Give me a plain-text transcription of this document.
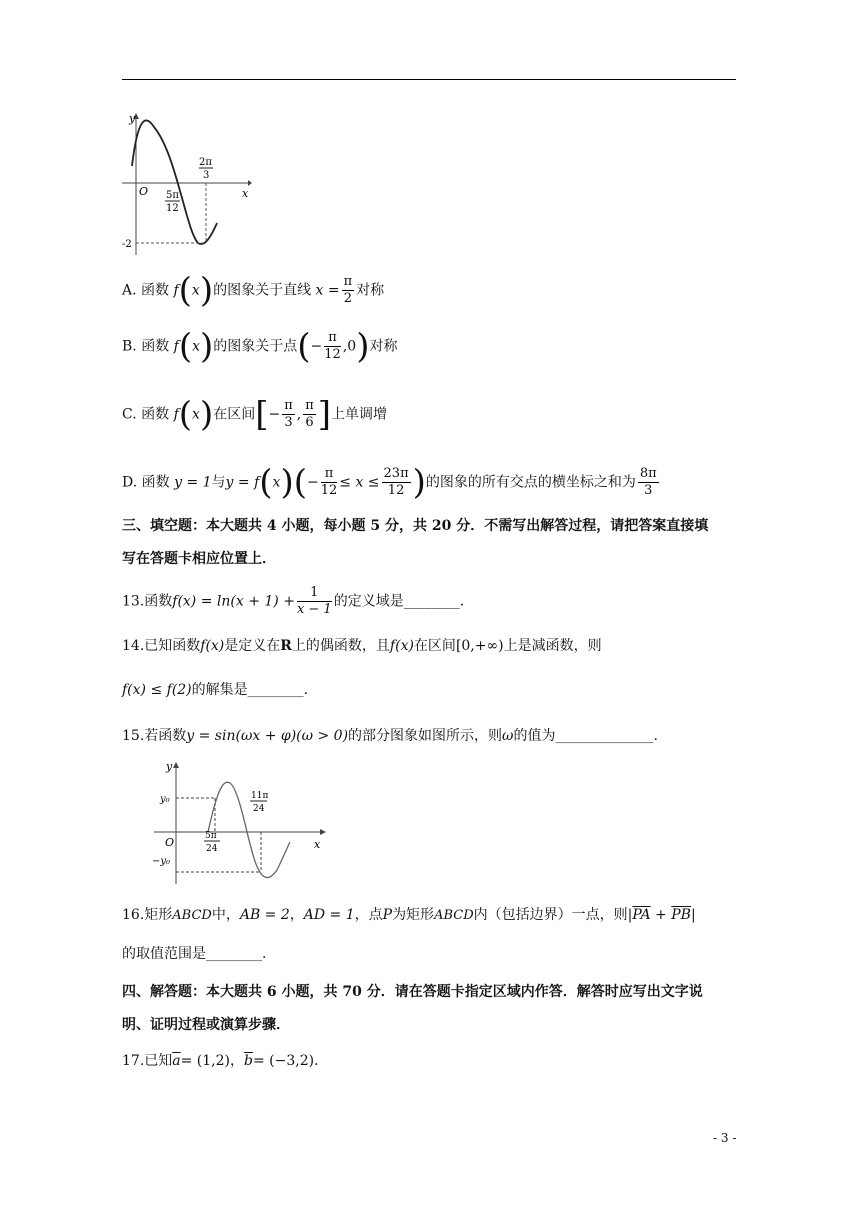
y
x
O
2π
3
5π
12
-2
A. 函数 f(x)的图象关于直线 $x = \frac{\pi}{2}$ 对称
B. 函数 f(x)的图象关于点(− $\frac{\pi}{12} ,0$)对称
C. 函数 f(x)在区间[− $\frac{\pi}{3}$ , $\frac{\pi}{6}$ ]上单调增
D. 函数 y = 1与$y = f(x)(- \frac{\pi}{12} \le x \le \frac{23\pi}{12}$ )的图象的所有交点的横坐标之和为 $\frac{8\pi}{3}$
三、填空题：本大题共 4 小题，每小题 5 分，共 20 分．不需写出解答过程，请把答案直接填
写在答题卡相应位置上．
13.函数$f(x) = \ln(x + 1) + \frac{1}{x - 1}$ 的定义域是________.
14.已知函数f(x)是定义在R上的偶函数，且f(x)在区间[0,+∞)上是减函数，则
f(x) ≤ f(2)的解集是________.
15.若函数y = sin(ωx + φ)(ω > 0)的部分图象如图所示，则ω的值为______________.
y
x
O
y₀
−y₀
11π
24
5π
24
16.矩形ABCD中，AB = 2，AD = 1，点P为矩形ABCD内（包括边界）一点，则$|\overline{PA} + \overline{PB}|$
的取值范围是________.
四、解答题：本大题共 6 小题，共 70 分．请在答题卡指定区域内作答．解答时应写出文字说
明、证明过程或演算步骤．
17.已知$\overline{a}= (1,2)$，$\overline{b}= (-3,2)$．
- 3 -
